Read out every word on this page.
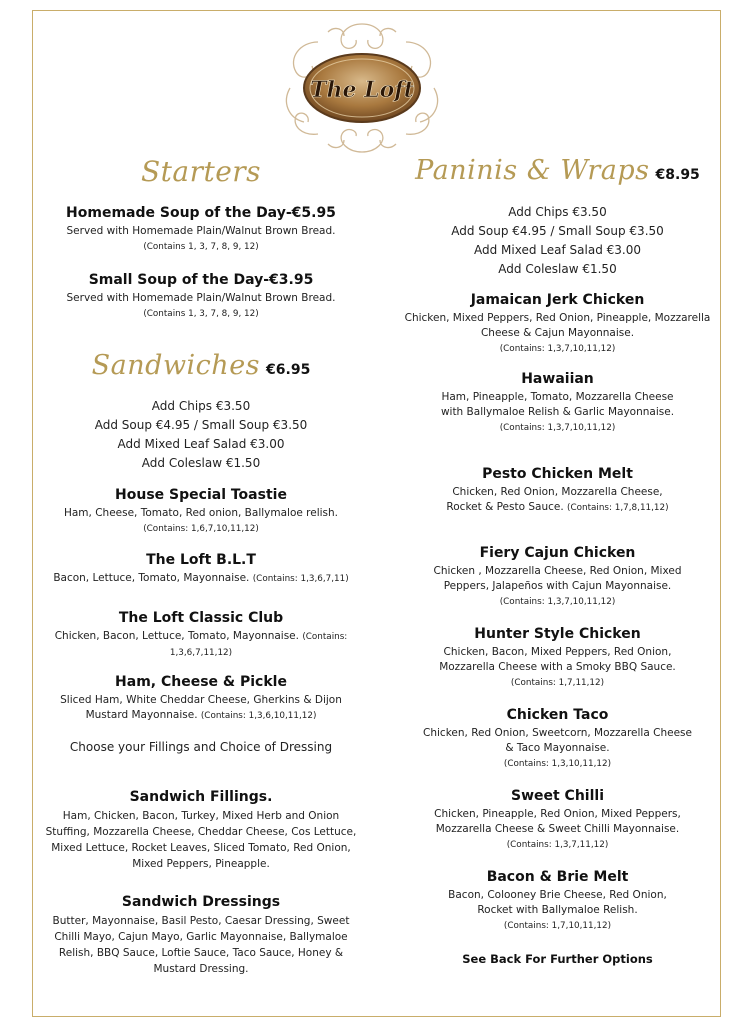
The Loft
Starters
Homemade Soup of the Day-€5.95
Served with Homemade Plain/Walnut Brown Bread.
(Contains 1, 3, 7, 8, 9, 12)
Small Soup of the Day-€3.95
Served with Homemade Plain/Walnut Brown Bread.
(Contains 1, 3, 7, 8, 9, 12)
Sandwiches €6.95
Add Chips €3.50
Add Soup €4.95 / Small Soup €3.50
Add Mixed Leaf Salad €3.00
Add Coleslaw €1.50
House Special Toastie
Ham, Cheese, Tomato, Red onion, Ballymaloe relish.
(Contains: 1,6,7,10,11,12)
The Loft B.L.T
Bacon, Lettuce, Tomato, Mayonnaise. (Contains: 1,3,6,7,11)
The Loft Classic Club
Chicken, Bacon, Lettuce, Tomato, Mayonnaise. (Contains: 1,3,6,7,11,12)
Ham, Cheese & Pickle
Sliced Ham, White Cheddar Cheese, Gherkins & Dijon Mustard Mayonnaise. (Contains: 1,3,6,10,11,12)
Choose your Fillings and Choice of Dressing
Sandwich Fillings.
Ham, Chicken, Bacon, Turkey, Mixed Herb and Onion Stuffing, Mozzarella Cheese, Cheddar Cheese, Cos Lettuce, Mixed Lettuce, Rocket Leaves, Sliced Tomato, Red Onion, Mixed Peppers, Pineapple.
Sandwich Dressings
Butter, Mayonnaise, Basil Pesto, Caesar Dressing, Sweet Chilli Mayo, Cajun Mayo, Garlic Mayonnaise, Ballymaloe Relish, BBQ Sauce, Loftie Sauce, Taco Sauce, Honey & Mustard Dressing.
Paninis & Wraps €8.95
Add Chips €3.50
Add Soup €4.95 / Small Soup €3.50
Add Mixed Leaf Salad €3.00
Add Coleslaw €1.50
Jamaican Jerk Chicken
Chicken, Mixed Peppers, Red Onion, Pineapple, Mozzarella Cheese & Cajun Mayonnaise.
(Contains: 1,3,7,10,11,12)
Hawaiian
Ham, Pineapple, Tomato, Mozzarella Cheese with Ballymaloe Relish & Garlic Mayonnaise.
(Contains: 1,3,7,10,11,12)
Pesto Chicken Melt
Chicken, Red Onion, Mozzarella Cheese, Rocket & Pesto Sauce. (Contains: 1,7,8,11,12)
Fiery Cajun Chicken
Chicken , Mozzarella Cheese, Red Onion, Mixed Peppers, Jalapeños with Cajun Mayonnaise.
(Contains: 1,3,7,10,11,12)
Hunter Style Chicken
Chicken, Bacon, Mixed Peppers, Red Onion, Mozzarella Cheese with a Smoky BBQ Sauce.
(Contains: 1,7,11,12)
Chicken Taco
Chicken, Red Onion, Sweetcorn, Mozzarella Cheese & Taco Mayonnaise.
(Contains: 1,3,10,11,12)
Sweet Chilli
Chicken, Pineapple, Red Onion, Mixed Peppers, Mozzarella Cheese & Sweet Chilli Mayonnaise.
(Contains: 1,3,7,11,12)
Bacon & Brie Melt
Bacon, Colooney Brie Cheese, Red Onion, Rocket with Ballymaloe Relish.
(Contains: 1,7,10,11,12)
See Back For Further Options
